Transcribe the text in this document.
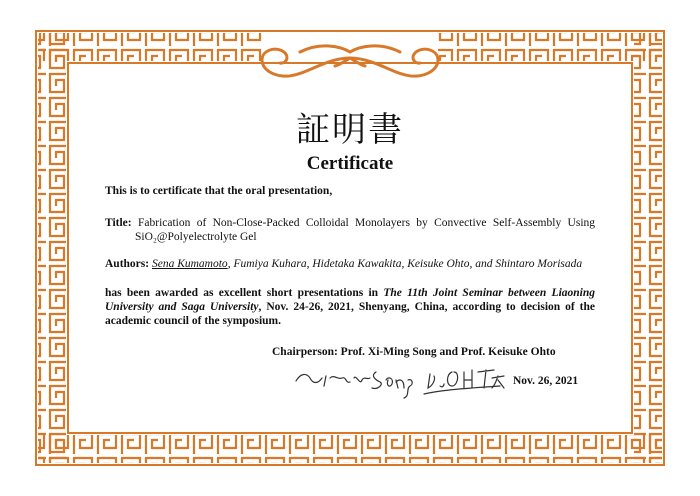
証明書
Certificate
This is to certificate that the oral presentation,
Title: Fabrication of Non-Close-Packed Colloidal Monolayers by Convective Self-Assembly Using
SiO₂@Polyelectrolyte Gel
Authors: Sena Kumamoto, Fumiya Kuhara, Hidetaka Kawakita, Keisuke Ohto, and Shintaro Morisada
has been awarded as excellent short presentations in The 11th Joint Seminar between Liaoning University and Saga University, Nov. 24-26, 2021, Shenyang, China, according to decision of the academic council of the symposium.
Chairperson: Prof. Xi-Ming Song and Prof. Keisuke Ohto
Nov. 26, 2021
